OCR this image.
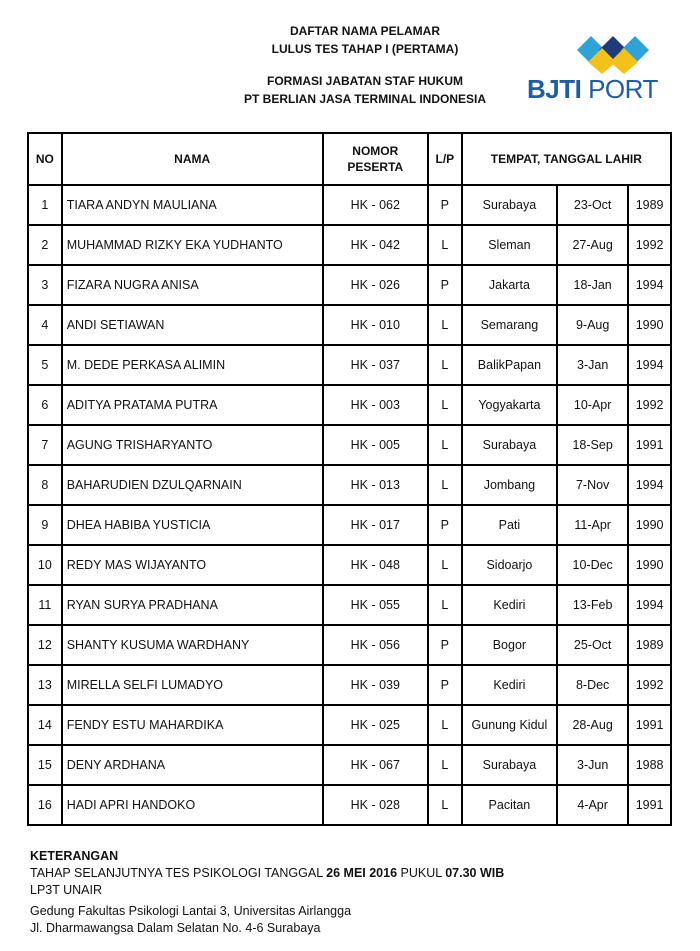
DAFTAR NAMA PELAMAR
LULUS TES TAHAP I (PERTAMA)
FORMASI JABATAN STAF HUKUM
PT BERLIAN JASA TERMINAL INDONESIA	BJTI PORT
NO	NAMA	NOMOR PESERTA	L/P	TEMPAT, TANGGAL LAHIR		
1	TIARA ANDYN MAULIANA	HK - 062	P	Surabaya	23-Oct	1989
2	MUHAMMAD RIZKY EKA YUDHANTO	HK - 042	L	Sleman	27-Aug	1992
3	FIZARA NUGRA ANISA	HK - 026	P	Jakarta	18-Jan	1994
4	ANDI SETIAWAN	HK - 010	L	Semarang	9-Aug	1990
5	M. DEDE PERKASA ALIMIN	HK - 037	L	BalikPapan	3-Jan	1994
6	ADITYA PRATAMA PUTRA	HK - 003	L	Yogyakarta	10-Apr	1992
7	AGUNG TRISHARYANTO	HK - 005	L	Surabaya	18-Sep	1991
8	BAHARUDIEN DZULQARNAIN	HK - 013	L	Jombang	7-Nov	1994
9	DHEA HABIBA YUSTICIA	HK - 017	P	Pati	11-Apr	1990
10	REDY MAS WIJAYANTO	HK - 048	L	Sidoarjo	10-Dec	1990
11	RYAN SURYA PRADHANA	HK - 055	L	Kediri	13-Feb	1994
12	SHANTY KUSUMA WARDHANY	HK - 056	P	Bogor	25-Oct	1989
13	MIRELLA SELFI LUMADYO	HK - 039	P	Kediri	8-Dec	1992
14	FENDY ESTU MAHARDIKA	HK - 025	L	Gunung Kidul	28-Aug	1991
15	DENY ARDHANA	HK - 067	L	Surabaya	3-Jun	1988
16	HADI APRI HANDOKO	HK - 028	L	Pacitan	4-Apr	1991
KETERANGAN
TAHAP SELANJUTNYA TES PSIKOLOGI TANGGAL 26 MEI 2016 PUKUL 07.30 WIB
LP3T UNAIR
Gedung Fakultas Psikologi Lantai 3, Universitas Airlangga
Jl. Dharmawangsa Dalam Selatan No. 4-6 Surabaya
